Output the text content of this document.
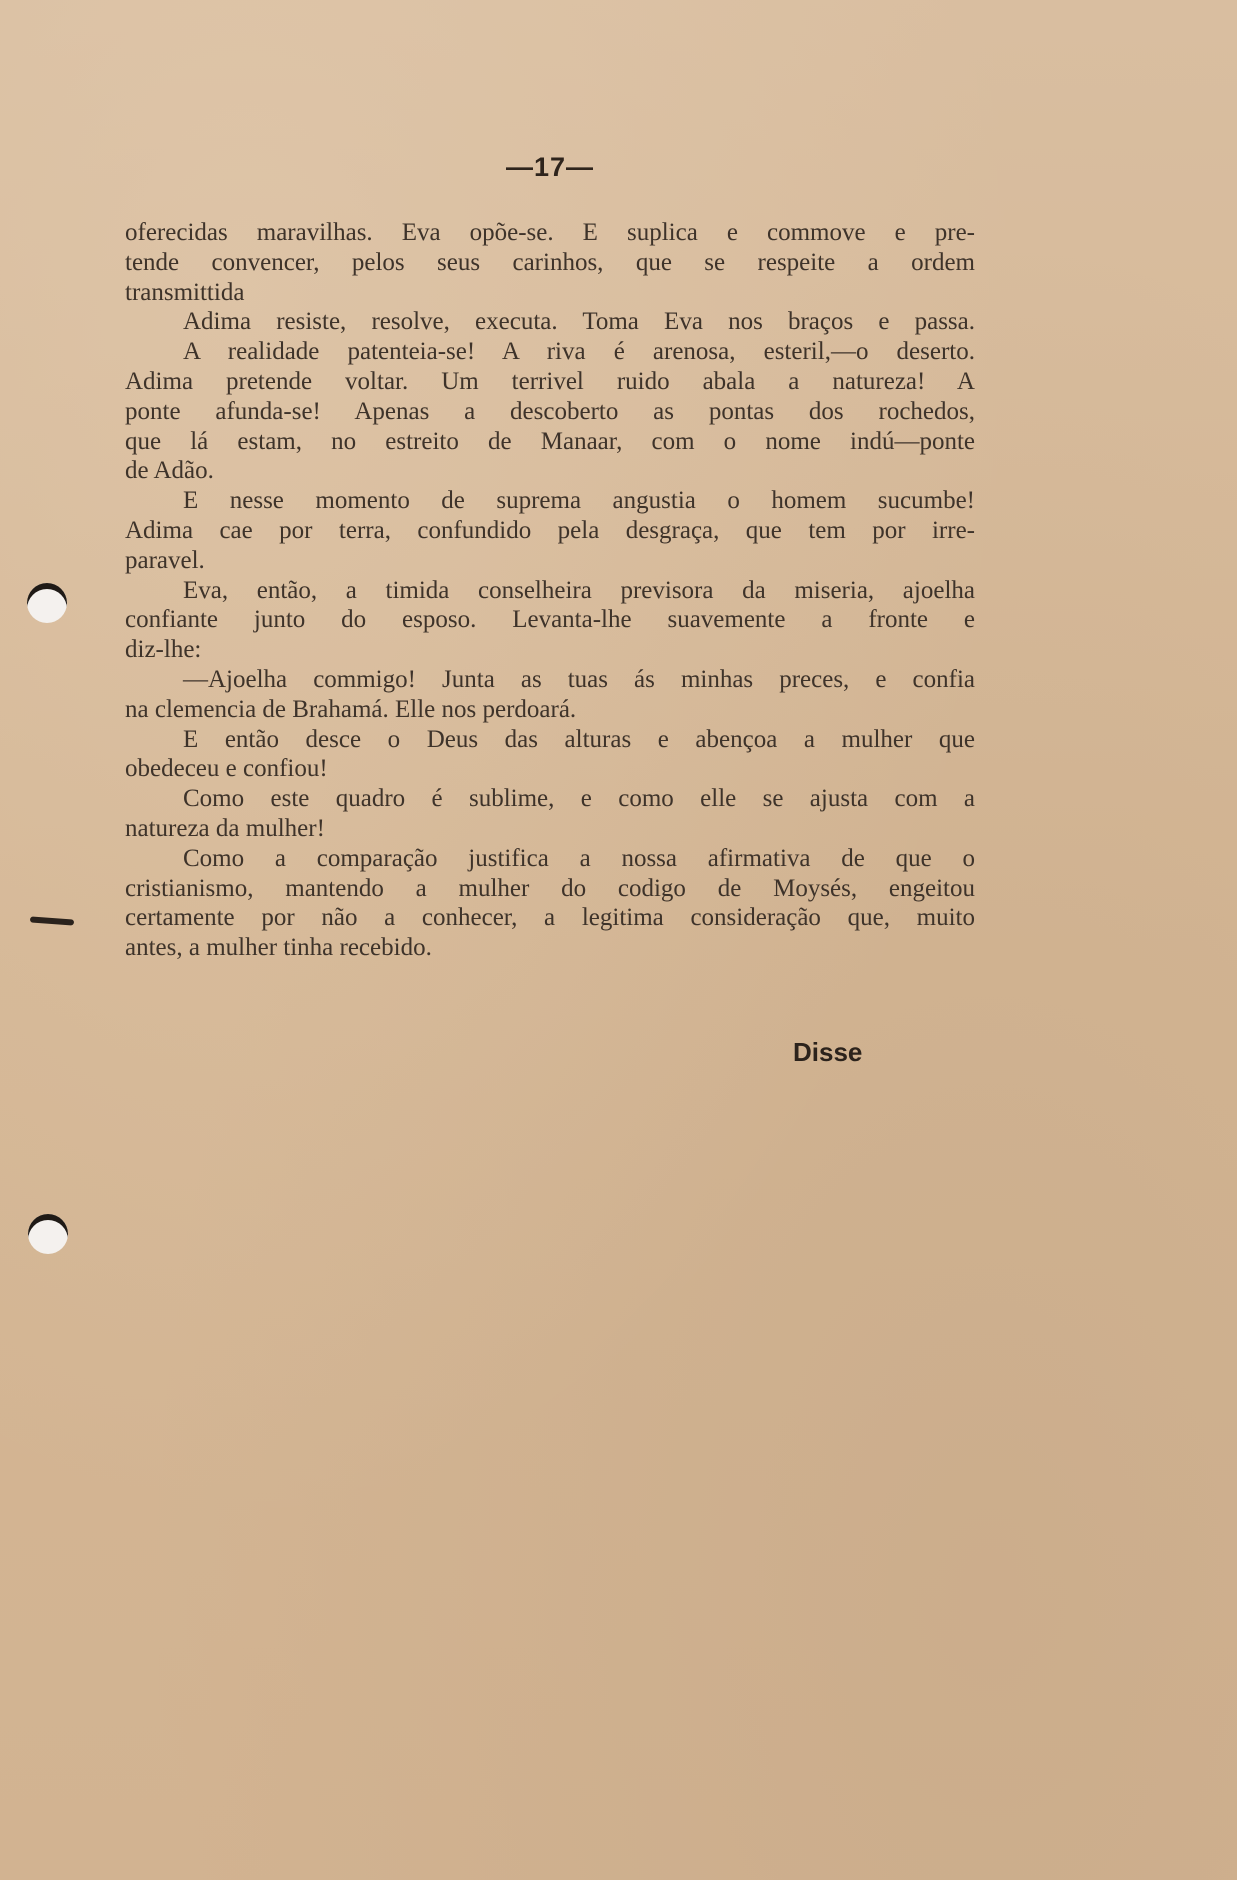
—17—
oferecidas maravilhas. Eva opõe-se. E suplica e commove e pre-
tende convencer, pelos seus carinhos, que se respeite a ordem
transmittida
Adima resiste, resolve, executa. Toma Eva nos braços e passa.
A realidade patenteia-se! A riva é arenosa, esteril,—o deserto.
Adima pretende voltar. Um terrivel ruido abala a natureza! A
ponte afunda-se! Apenas a descoberto as pontas dos rochedos,
que lá estam, no estreito de Manaar, com o nome indú—ponte
de Adão.
E nesse momento de suprema angustia o homem sucumbe!
Adima cae por terra, confundido pela desgraça, que tem por irre-
paravel.
Eva, então, a timida conselheira previsora da miseria, ajoelha
confiante junto do esposo. Levanta-lhe suavemente a fronte e
diz-lhe:
—Ajoelha commigo! Junta as tuas ás minhas preces, e confia
na clemencia de Brahamá. Elle nos perdoará.
E então desce o Deus das alturas e abençoa a mulher que
obedeceu e confiou!
Como este quadro é sublime, e como elle se ajusta com a
natureza da mulher!
Como a comparação justifica a nossa afirmativa de que o
cristianismo, mantendo a mulher do codigo de Moysés, engeitou
certamente por não a conhecer, a legitima consideração que, muito
antes, a mulher tinha recebido.
Disse
